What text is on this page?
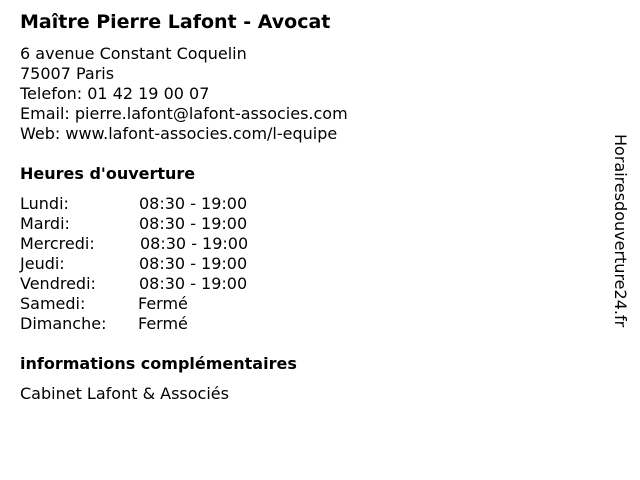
Maître Pierre Lafont - Avocat
6 avenue Constant Coquelin
75007 Paris
Telefon: 01 42 19 00 07
Email: pierre.lafont@lafont-associes.com
Web: www.lafont-associes.com/l-equipe
Heures d'ouverture
Lundi:	08:30 - 19:00
Mardi:	08:30 - 19:00
Mercredi:	08:30 - 19:00
Jeudi:	08:30 - 19:00
Vendredi:	08:30 - 19:00
Samedi:	Fermé
Dimanche: Fermé
informations complémentaires
Cabinet Lafont & Associés
Horairesdouverture24.fr
